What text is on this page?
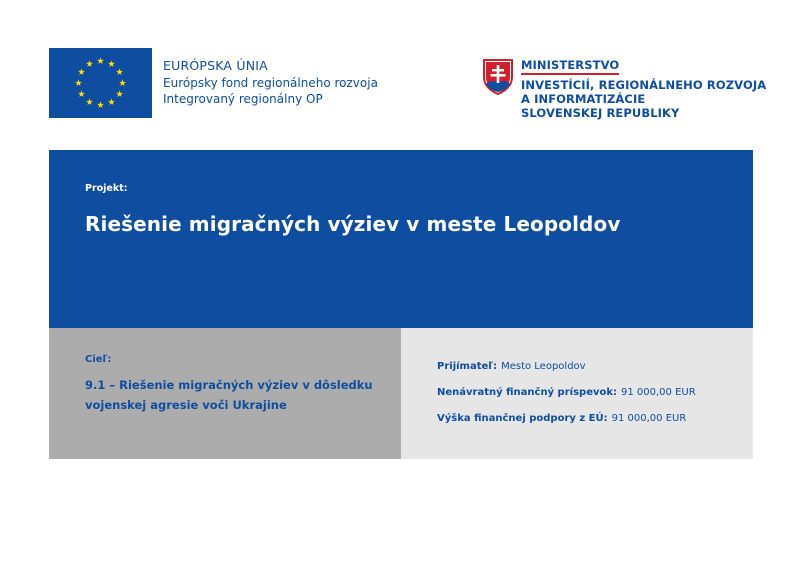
EURÓPSKA ÚNIA
Európsky fond regionálneho rozvoja
Integrovaný regionálny OP
MINISTERSTVO
INVESTÍCIÍ, REGIONÁLNEHO ROZVOJA
A INFORMATIZÁCIE
SLOVENSKEJ REPUBLIKY
Projekt:
Riešenie migračných výziev v meste Leopoldov
Cieľ:
9.1 – Riešenie migračných výziev v dôsledku vojenskej agresie voči Ukrajine
Prijímateľ: Mesto Leopoldov
Nenávratný finančný príspevok: 91 000,00 EUR
Výška finančnej podpory z EÚ: 91 000,00 EUR
